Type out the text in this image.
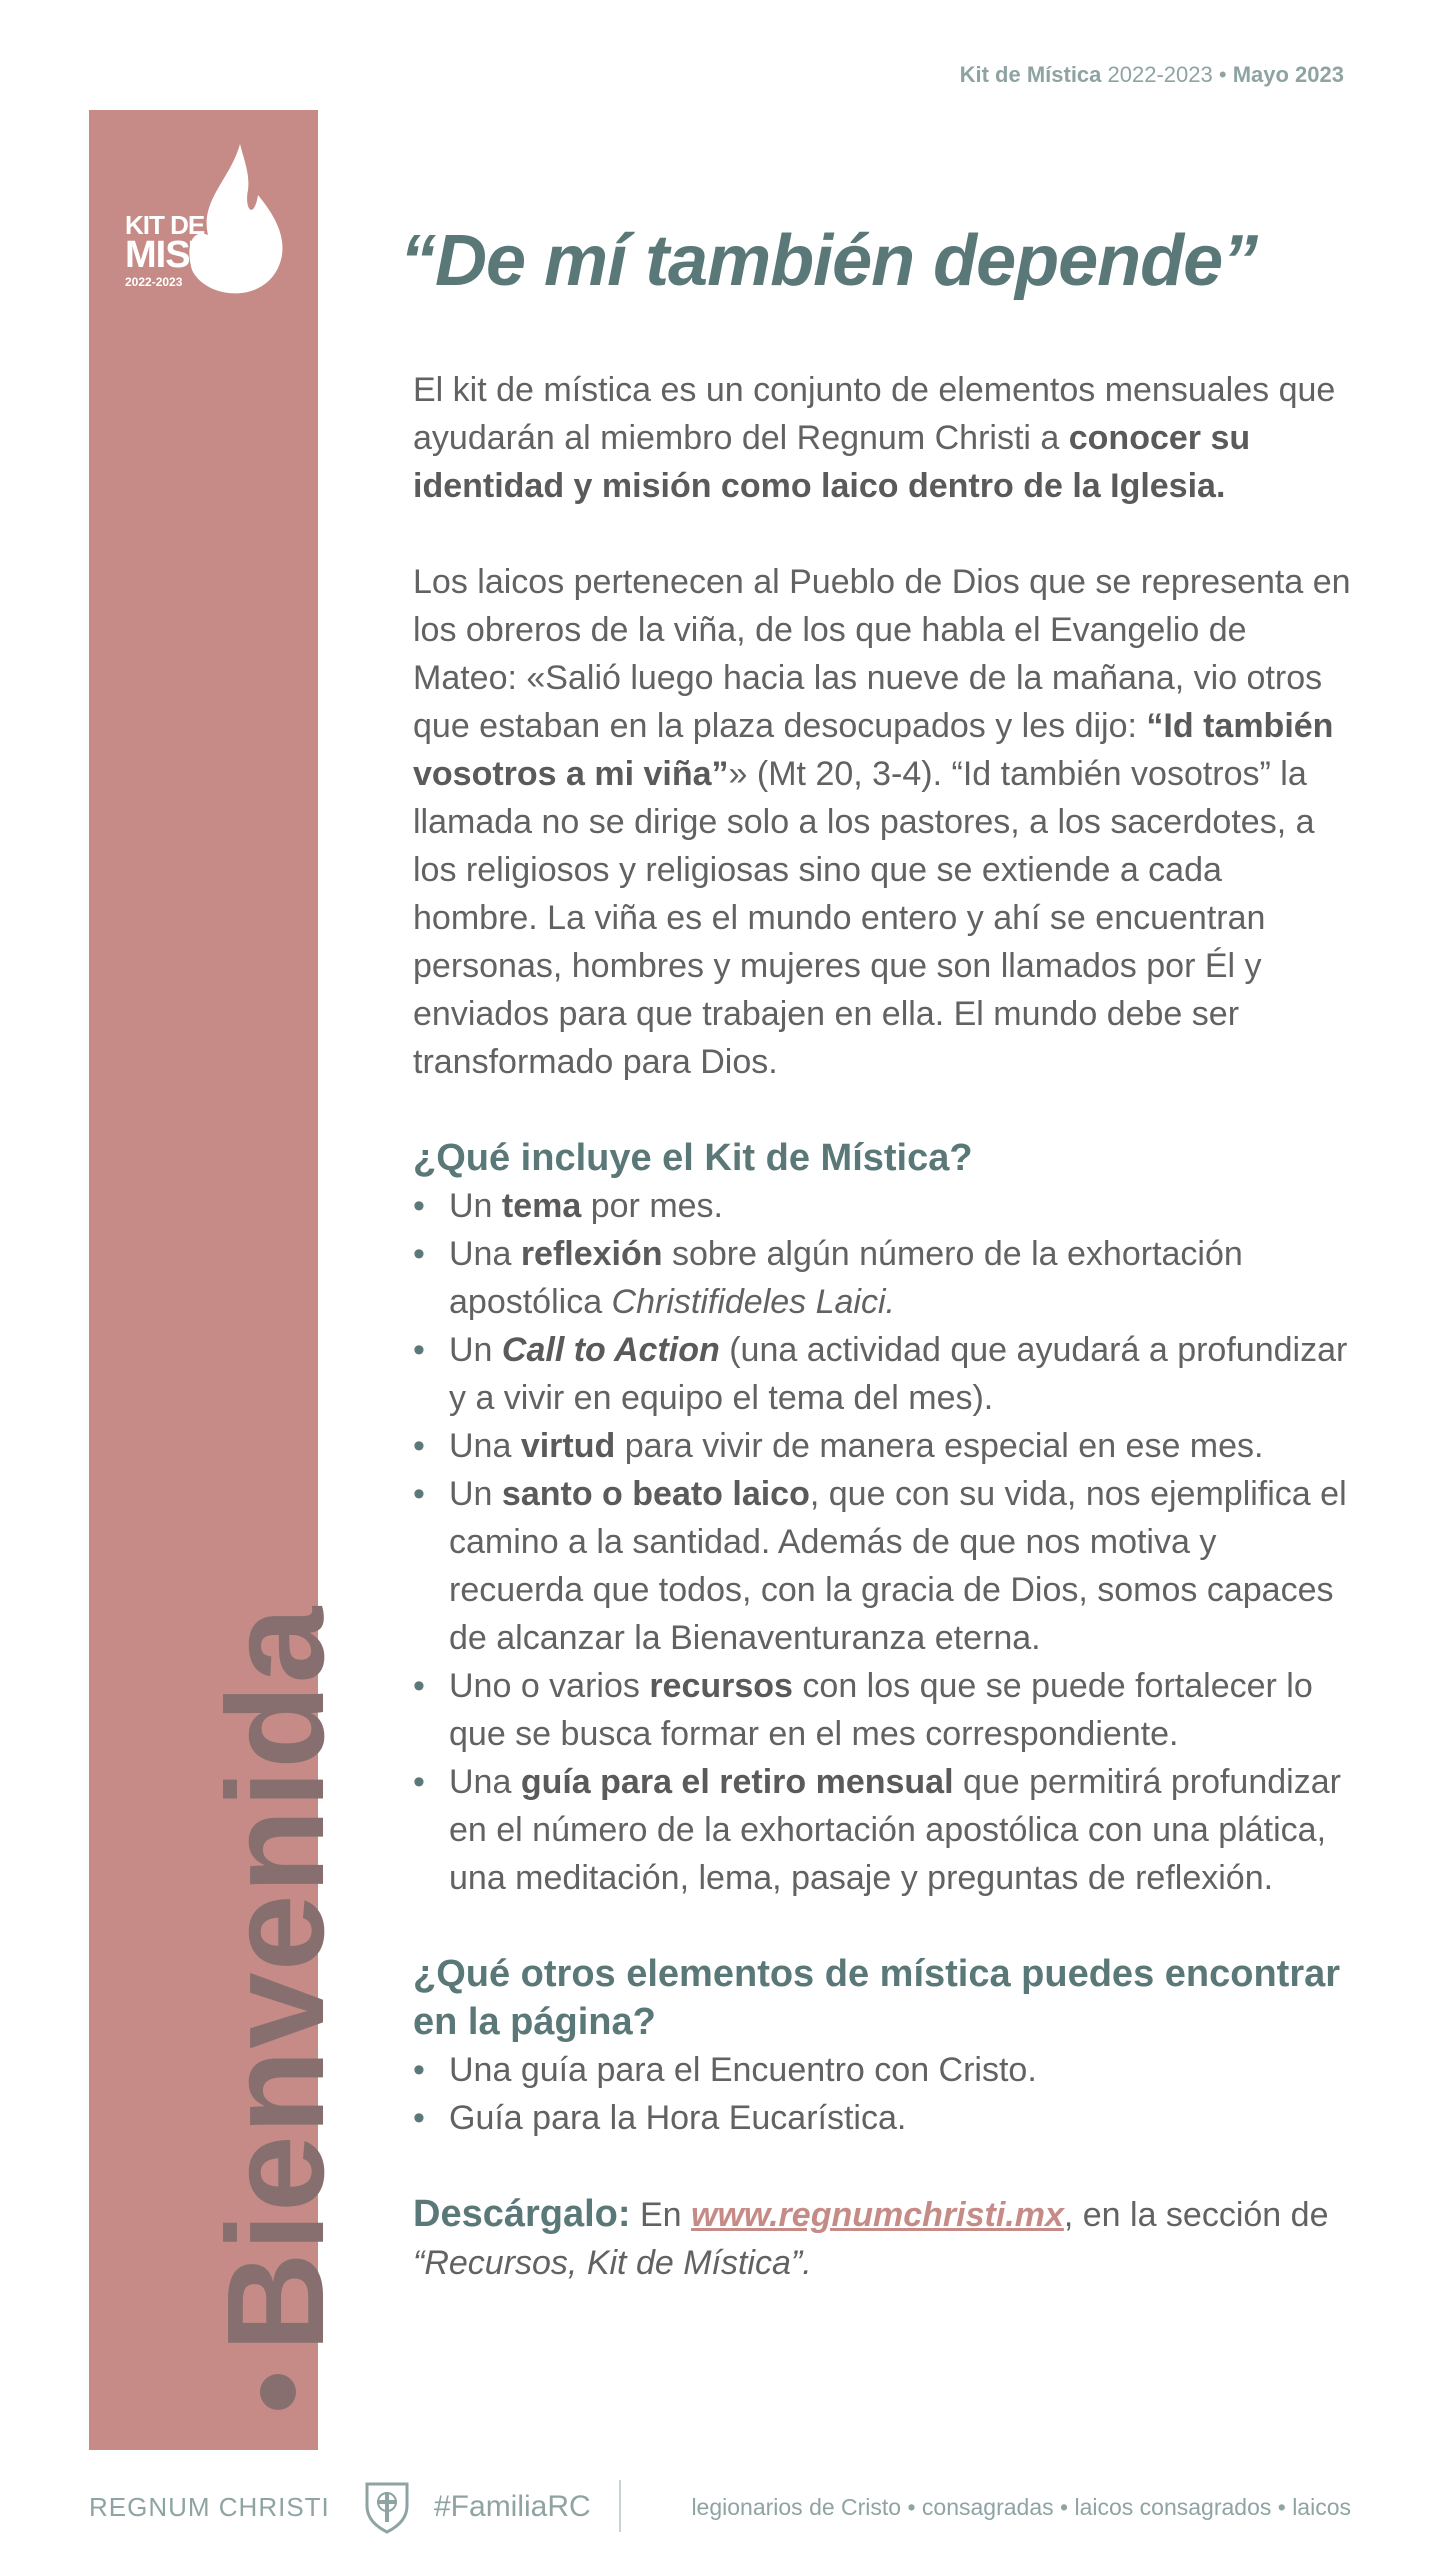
Kit de Mística 2022-2023 • Mayo 2023
KIT DE
MISTICA
2022-2023
Bienvenida
“De mí también depende”

El kit de mística es un conjunto de elementos mensuales que ayudarán al miembro del Regnum Christi a conocer su identidad y misión como laico dentro de la Iglesia.

Los laicos pertenecen al Pueblo de Dios que se representa en los obreros de la viña, de los que habla el Evangelio de Mateo: «Salió luego hacia las nueve de la mañana, vio otros que estaban en la plaza desocupados y les dijo: “Id también vosotros a mi viña”» (Mt 20, 3-4). “Id también vosotros” la llamada no se dirige solo a los pastores, a los sacerdotes, a los religiosos y religiosas sino que se extiende a cada hombre. La viña es el mundo entero y ahí se encuentran personas, hombres y mujeres que son llamados por Él y enviados para que trabajen en ella. El mundo debe ser transformado para Dios.

¿Qué incluye el Kit de Mística?
• Un tema por mes.
• Una reflexión sobre algún número de la exhortación apostólica Christifideles Laici.
• Un Call to Action (una actividad que ayudará a profundizar y a vivir en equipo el tema del mes).
• Una virtud para vivir de manera especial en ese mes.
• Un santo o beato laico, que con su vida, nos ejemplifica el camino a la santidad. Además de que nos motiva y recuerda que todos, con la gracia de Dios, somos capaces de alcanzar la Bienaventuranza eterna.
• Uno o varios recursos con los que se puede fortalecer lo que se busca formar en el mes correspondiente.
• Una guía para el retiro mensual que permitirá profundizar en el número de la exhortación apostólica con una plática, una meditación, lema, pasaje y preguntas de reflexión.
¿Qué otros elementos de mística puedes encontrar en la página?
• Una guía para el Encuentro con Cristo.
• Guía para la Hora Eucarística.

Descárgalo: En www.regnumchristi.mx, en la sección de “Recursos, Kit de Mística”.

REGNUM CHRISTI	#FamiliaRC	legionarios de Cristo • consagradas • laicos consagrados • laicos
